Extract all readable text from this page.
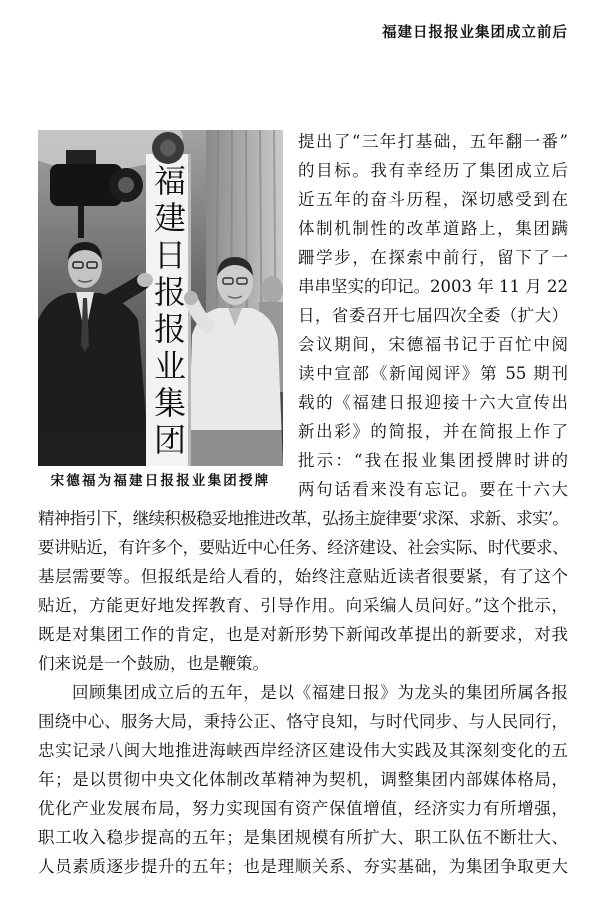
福建日报报业集团成立前后
福建日报报业集团
宋德福为福建日报报业集团授牌
提出了“三年打基础，五年翻一番”
的目标。我有幸经历了集团成立后
近五年的奋斗历程，深切感受到在
体制机制性的改革道路上，集团蹒
跚学步，在探索中前行，留下了一
串串坚实的印记。2003 年 11 月 22
日，省委召开七届四次全委（扩大）
会议期间，宋德福书记于百忙中阅
读中宣部《新闻阅评》第 55 期刊
载的《福建日报迎接十六大宣传出
新出彩》的简报，并在简报上作了
批示：“我在报业集团授牌时讲的
两句话看来没有忘记。要在十六大
精神指引下，继续积极稳妥地推进改革，弘扬主旋律要‘求深、求新、求实’。
要讲贴近，有许多个，要贴近中心任务、经济建设、社会实际、时代要求、
基层需要等。但报纸是给人看的，始终注意贴近读者很要紧，有了这个
贴近，方能更好地发挥教育、引导作用。向采编人员问好。”这个批示，
既是对集团工作的肯定，也是对新形势下新闻改革提出的新要求，对我
们来说是一个鼓励，也是鞭策。
回顾集团成立后的五年，是以《福建日报》为龙头的集团所属各报
围绕中心、服务大局，秉持公正、恪守良知，与时代同步、与人民同行，
忠实记录八闽大地推进海峡西岸经济区建设伟大实践及其深刻变化的五
年；是以贯彻中央文化体制改革精神为契机，调整集团内部媒体格局，
优化产业发展布局，努力实现国有资产保值增值，经济实力有所增强，
职工收入稳步提高的五年；是集团规模有所扩大、职工队伍不断壮大、
人员素质逐步提升的五年；也是理顺关系、夯实基础，为集团争取更大
